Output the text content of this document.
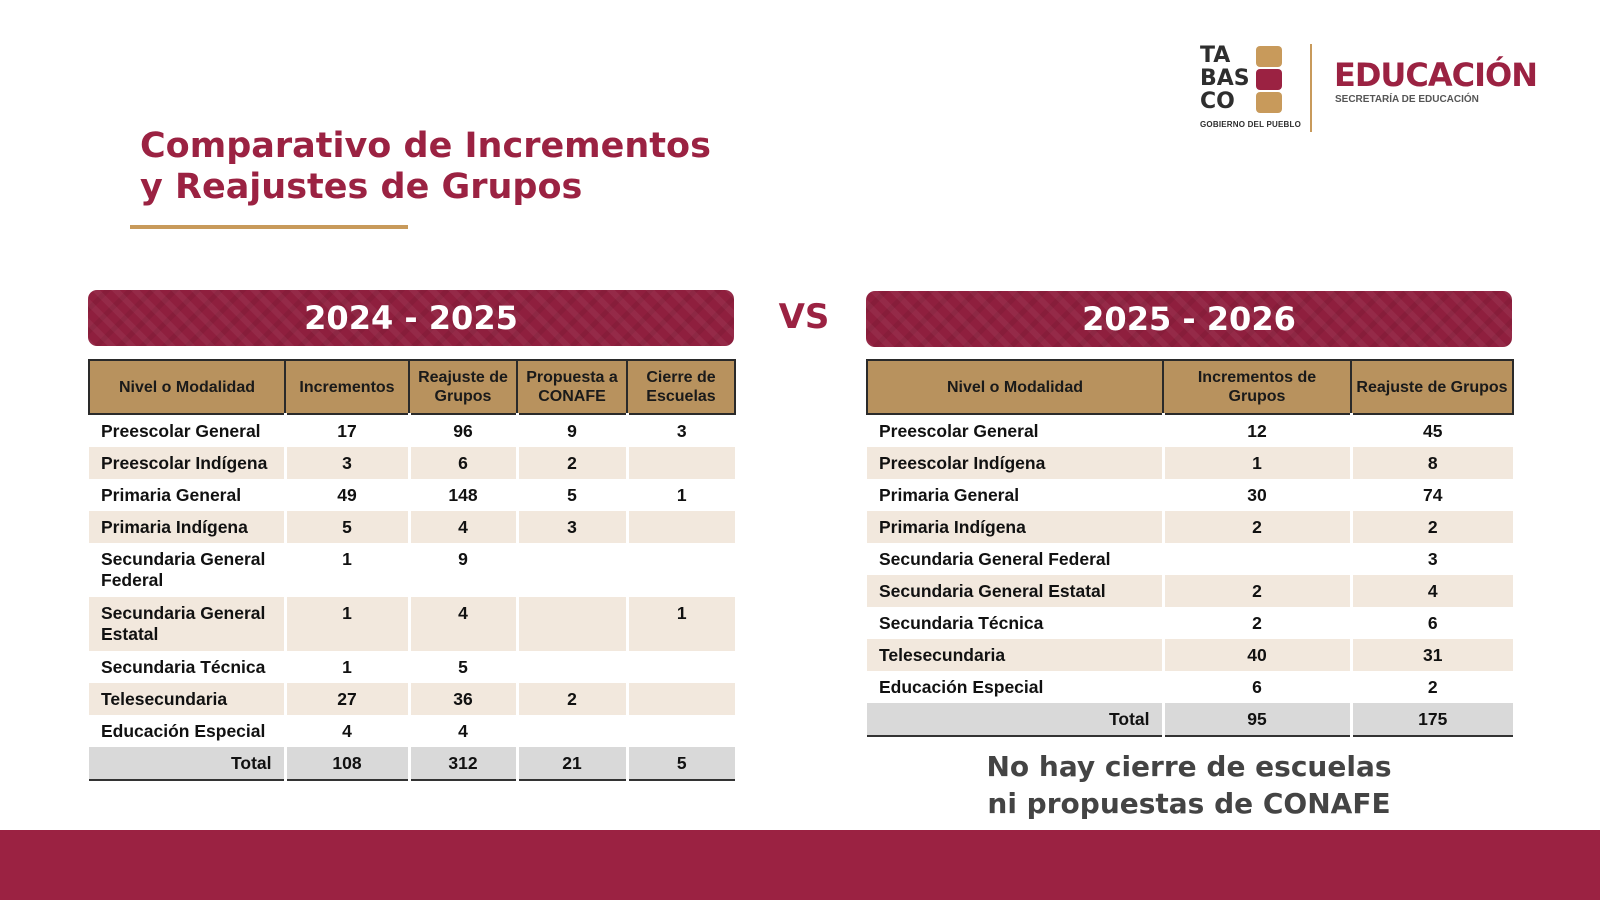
Comparativo de Incrementos
y Reajustes de Grupos
TA
BAS
CO
GOBIERNO DEL PUEBLO
EDUCACIÓN
SECRETARÍA DE EDUCACIÓN
2024 - 2025	VS	2025 - 2026
Nivel o Modalidad	Incrementos	Reajuste de Grupos	Propuesta a CONAFE	Cierre de Escuelas
Preescolar General	17	96	9	3
Preescolar Indígena	3	6	2	
Primaria General	49	148	5	1
Primaria Indígena	5	4	3	
Secundaria General Federal	1	9		
Secundaria General Estatal	1	4		1
Secundaria Técnica	1	5		
Telesecundaria	27	36	2	
Educación Especial	4	4		
Total	108	312	21	5
Nivel o Modalidad	Incrementos de Grupos	Reajuste de Grupos
Preescolar General	12	45
Preescolar Indígena	1	8
Primaria General	30	74
Primaria Indígena	2	2
Secundaria General Federal		3
Secundaria General Estatal	2	4
Secundaria Técnica	2	6
Telesecundaria	40	31
Educación Especial	6	2
Total	95	175
No hay cierre de escuelas
ni propuestas de CONAFE
